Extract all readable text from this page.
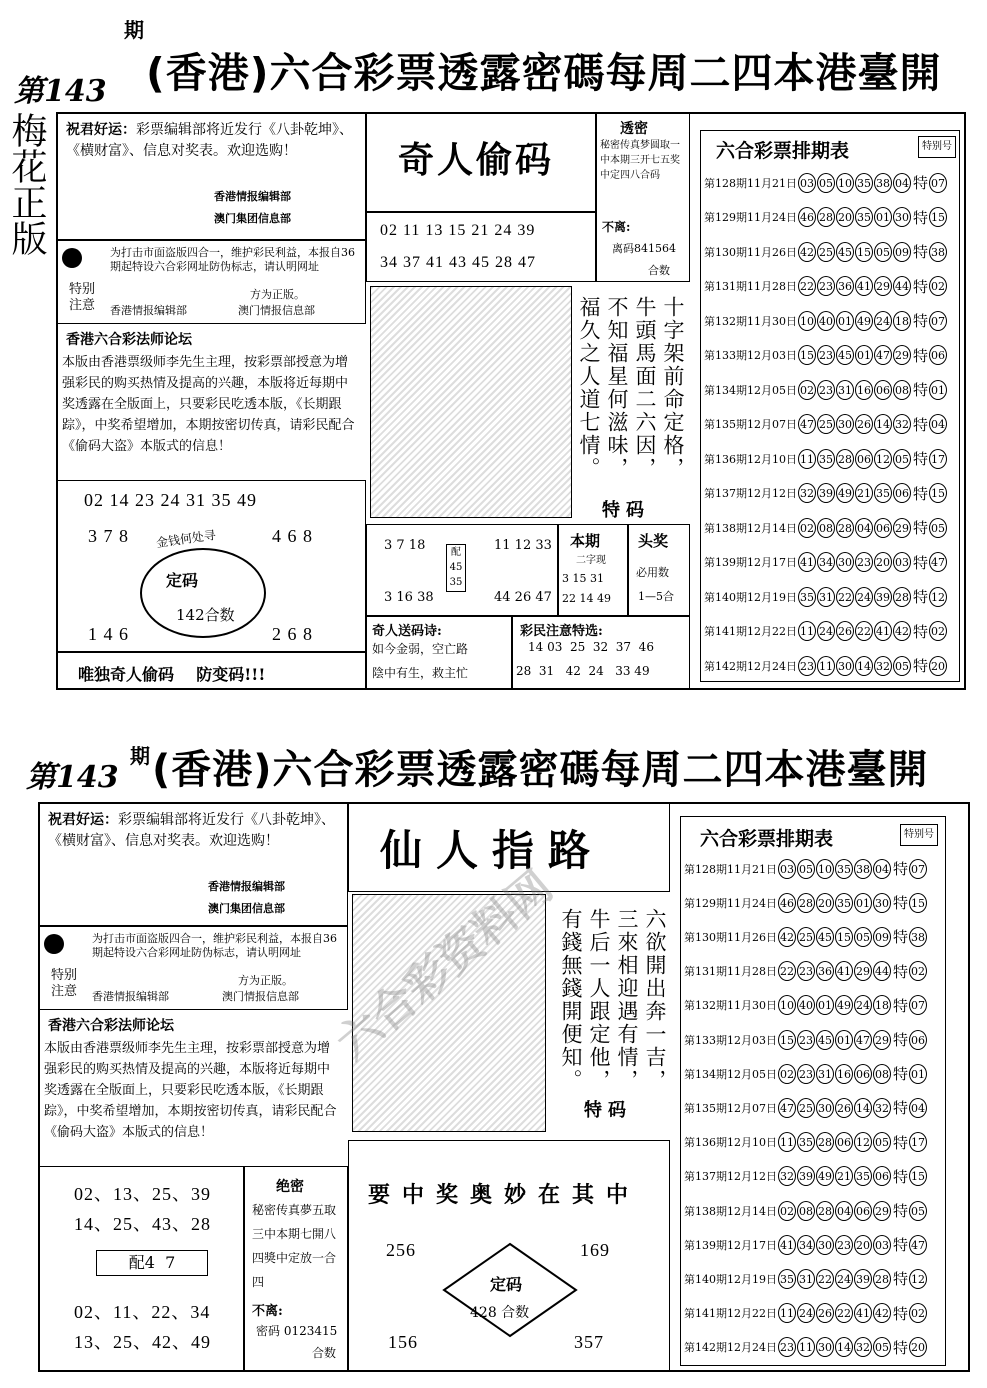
第143
期
(香港)六合彩票透露密碼每周二四本港臺開
梅花正版 祝君好运：彩票编辑部将近发行《八卦乾坤》、《横财富》、信息对奖表。欢迎选购！
香港情报编辑部
澳门集团信息部
特别
注意
为打击市面盗版四合一，维护彩民利益，本报自36期起特设六合彩网址防伪标志，请认明网址
方为正版。
香港情报编辑部	澳门情报信息部
香港六合彩法师论坛
本版由香港票级师李先生主理，按彩票部授意为增强彩民的购买热情及提高的兴趣，本版将近每期中奖透露在全版面上，只要彩民吃透本版，《长期跟踪》，中奖希望增加，本期按密切传真，请彩民配合《偷码大盗》本版式的信息！
02 14 23 24 31 35 49
3 7 8	4 6 8
1 4 6	2 6 8
金钱何处寻
定码
142合数
唯独奇人偷码    防变码!!!
奇人偷码
透密
秘密传真梦圆取一中本期三开七五奖中定四八合码
不离:
离码841564
合数
02 11 13 15 21 24 39
34 37 41 43 45 28 47
十字架前命定格，
牛頭馬面二六因，
不知福星何滋味，
福久之人道七情。
特码
3 7 18
3 16 38
配
45
35
11 12 33
44 26 47
本期
二字现
3 15 31
22 14 49
头奖
必用数
1—5合
奇人送码诗:
如今金弱，空亡路
陰中有生，救主忙
彩民注意特选:
14 03  25  32  37  46
28  31   42  24   33 49
六合彩票排期表	特别号
第128期11月21日 03 05 10 35 38 04 特 07
第129期11月24日 46 28 20 35 01 30 特 15
第130期11月26日 42 25 45 15 05 09 特 38
第131期11月28日 22 23 36 41 29 44 特 02
第132期11月30日 10 40 01 49 24 18 特 07
第133期12月03日 15 23 45 01 47 29 特 06
第134期12月05日 02 23 31 16 06 08 特 01
第135期12月07日 47 25 30 26 14 32 特 04
第136期12月10日 11 35 28 06 12 05 特 17
第137期12月12日 32 39 49 21 35 06 特 15
第138期12月14日 02 08 28 04 06 29 特 05
第139期12月17日 41 34 30 23 20 03 特 47
第140期12月19日 35 31 22 24 39 28 特 12
第141期12月22日 11 24 26 22 41 42 特 02
第142期12月24日 23 11 30 14 32 05 特 20
第143
期 (香港)六合彩票透露密碼每周二四本港臺開
祝君好运：彩票编辑部将近发行《八卦乾坤》、《横财富》、信息对奖表。欢迎选购！
香港情报编辑部
澳门集团信息部
特别
注意
为打击市面盗版四合一，维护彩民利益，本报自36期起特设六合彩网址防伪标志，请认明网址
方为正版。
香港情报编辑部	澳门情报信息部
香港六合彩法师论坛
本版由香港票级师李先生主理，按彩票部授意为增强彩民的购买热情及提高的兴趣，本版将近每期中奖透露在全版面上，只要彩民吃透本版，《长期跟踪》，中奖希望增加，本期按密切传真，请彩民配合《偷码大盗》本版式的信息！
02、13、25、39
14、25、43、28
配4  7
02、11、22、34
13、25、42、49
绝密
秘密传真夢五取三中本期七開八四獎中定放一合四
不离:
密码 0123415
合数
仙人指路
六欲開出奔一吉，
三來相迎遇有情，
牛后一人跟定他，
有錢無錢開便知。
特码
要中奖奥妙在其中
256	169
156	357
定码
428 合数
六合彩票排期表	特别号
第128期11月21日 03 05 10 35 38 04 特 07
第129期11月24日 46 28 20 35 01 30 特 15
第130期11月26日 42 25 45 15 05 09 特 38
第131期11月28日 22 23 36 41 29 44 特 02
第132期11月30日 10 40 01 49 24 18 特 07
第133期12月03日 15 23 45 01 47 29 特 06
第134期12月05日 02 23 31 16 06 08 特 01
第135期12月07日 47 25 30 26 14 32 特 04
第136期12月10日 11 35 28 06 12 05 特 17
第137期12月12日 32 39 49 21 35 06 特 15
第138期12月14日 02 08 28 04 06 29 特 05
第139期12月17日 41 34 30 23 20 03 特 47
第140期12月19日 35 31 22 24 39 28 特 12
第141期12月22日 11 24 26 22 41 42 特 02
第142期12月24日 23 11 30 14 32 05 特 20
六合彩资料网
